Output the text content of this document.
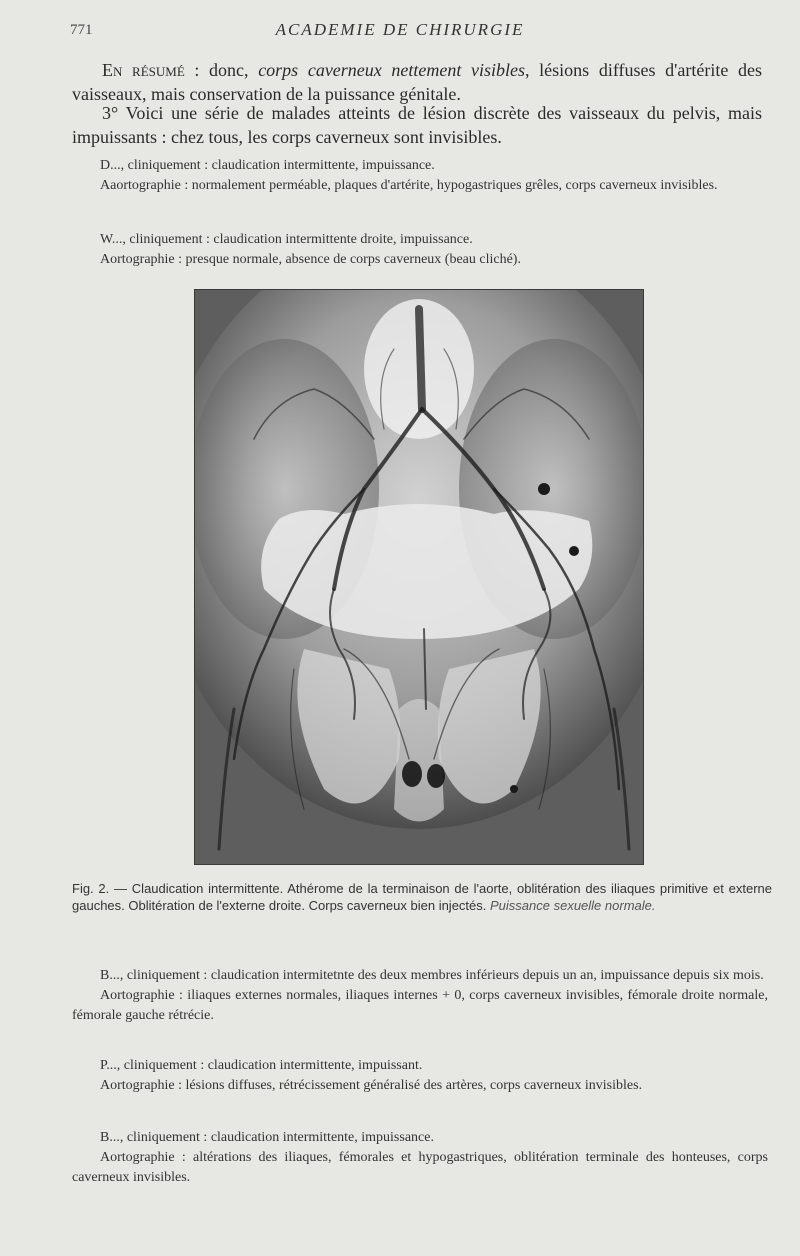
771	ACADEMIE DE CHIRURGIE
En résumé : donc, corps caverneux nettement visibles, lésions diffuses d'artérite des vaisseaux, mais conservation de la puissance génitale.
3° Voici une série de malades atteints de lésion discrète des vaisseaux du pelvis, mais impuissants : chez tous, les corps caverneux sont invisibles.

D..., cliniquement : claudication intermittente, impuissance.

Aaortographie : normalement perméable, plaques d'artérite, hypogastriques grêles, corps caverneux invisibles.

W..., cliniquement : claudication intermittente droite, impuissance.

Aortographie : presque normale, absence de corps caverneux (beau cliché).

Fig. 2. — Claudication intermittente. Athérome de la terminaison de l'aorte, oblitération des iliaques primitive et externe gauches. Oblitération de l'externe droite. Corps caverneux bien injectés. Puissance sexuelle normale.

B..., cliniquement : claudication intermitetnte des deux membres inférieurs depuis un an, impuissance depuis six mois.

Aortographie : iliaques externes normales, iliaques internes + 0, corps caverneux invisibles, fémorale droite normale, fémorale gauche rétrécie.

P..., cliniquement : claudication intermittente, impuissant.

Aortographie : lésions diffuses, rétrécissement généralisé des artères, corps caverneux invisibles.

B..., cliniquement : claudication intermittente, impuissance.

Aortographie : altérations des iliaques, fémorales et hypogastriques, oblitération terminale des honteuses, corps caverneux invisibles.
